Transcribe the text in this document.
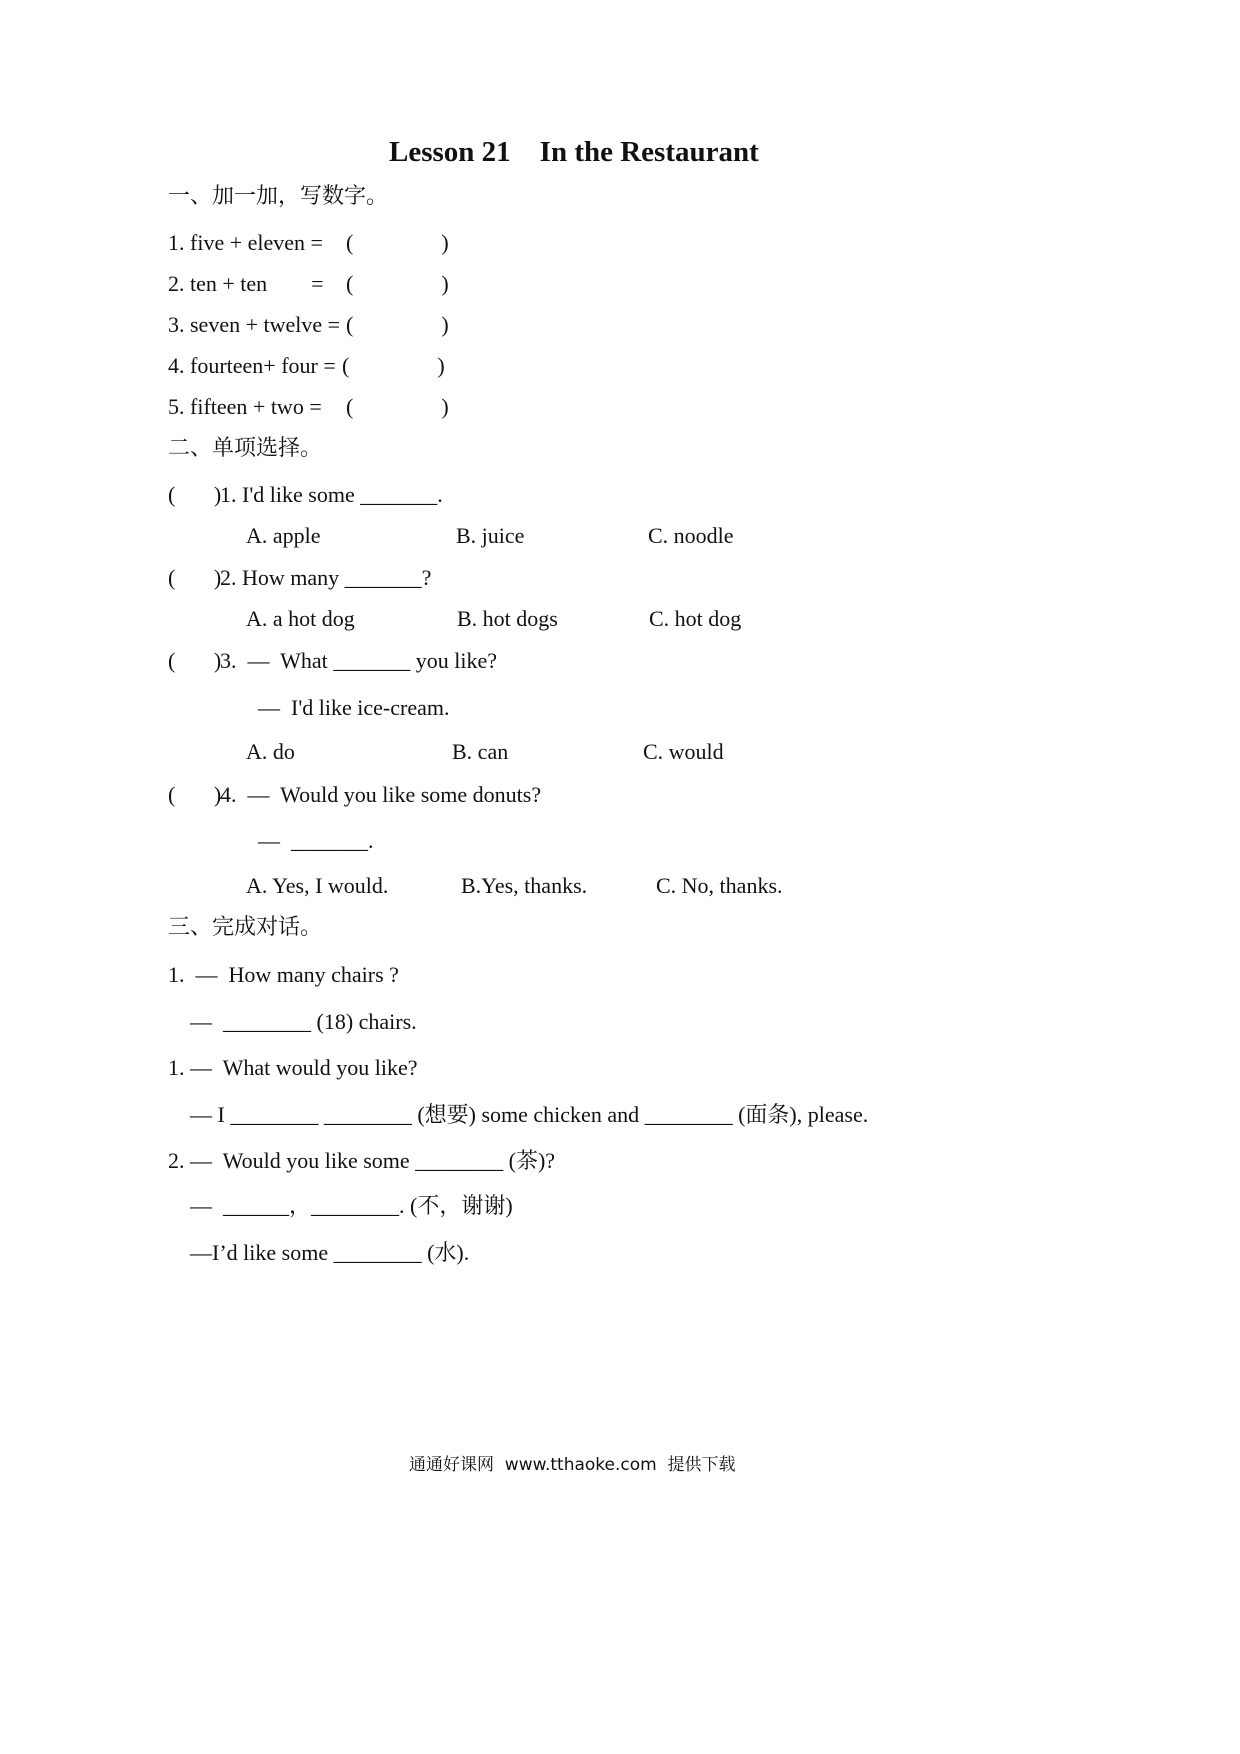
Lesson 21    In the Restaurant
一、加一加，写数字。
1. five + eleven = (                )
2. ten + ten        = (                )
3. seven + twelve = (                )
4. fourteen+ four = (                )
5. fifteen + two = (                )
二、单项选择。
(       )
1. I'd like some _______.
A. apple	B. juice	C. noodle
(       )
2. How many _______?
A. a hot dog	B. hot dogs	C. hot dog
(       )
3.  —  What _______ you like?
—  I'd like ice-cream.
A. do	B. can	C. would
(       )
4.  —  Would you like some donuts?
—  _______.
A. Yes, I would.	B.Yes, thanks.	C. No, thanks.
三、完成对话。
1.  —  How many chairs ?
—  ________ (18) chairs.
1. —  What would you like?
— I ________ ________ (想要) some chicken and ________ (面条), please.
2. —  Would you like some ________ (茶)?
—  ______，________. (不，谢谢)
—I’d like some ________ (水).
通通好课网  www.tthaoke.com  提供下载
